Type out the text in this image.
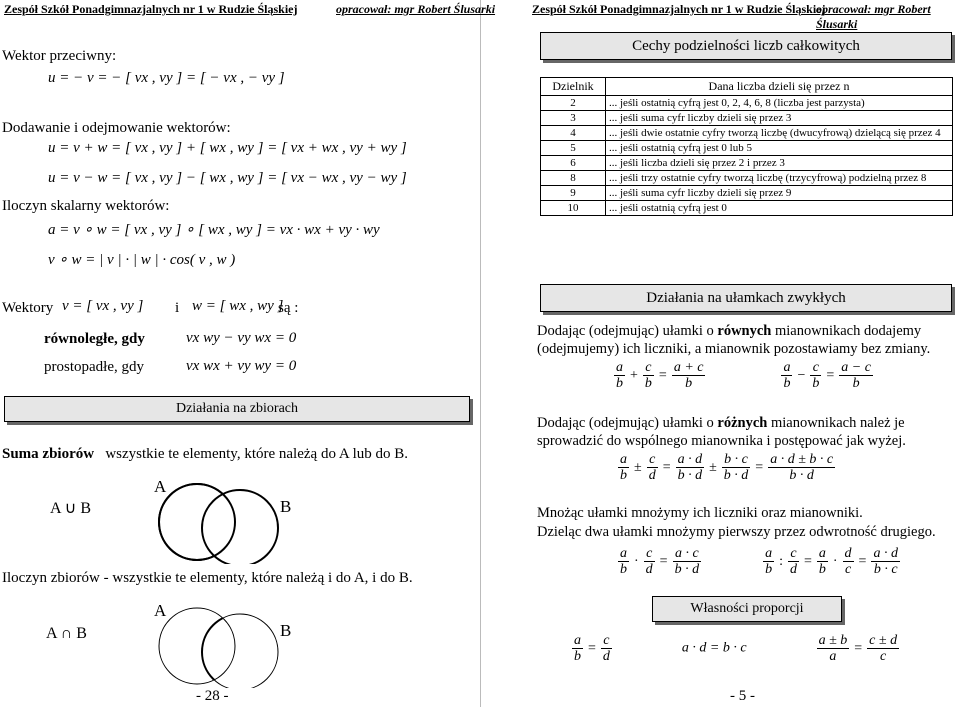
Zespół Szkół Ponadgimnazjalnych nr 1 w Rudzie Śląskiej	opracował: mgr Robert Ślusarki	Zespół Szkół Ponadgimnazjalnych nr 1 w Rudzie Śląskiej
opracował: mgr Robert Ślusarki
Wektor przeciwny:
u = − v = − [ vx , vy ] = [ − vx , − vy ]
Dodawanie i odejmowanie wektorów:
u = v + w = [ vx , vy ] + [ wx , wy ] = [ vx + wx , vy + wy ]
u = v − w = [ vx , vy ] − [ wx , wy ] = [ vx − wx , vy − wy ]
Iloczyn skalarny wektorów:
a = v ∘ w = [ vx , vy ] ∘ [ wx , wy ] = vx · wx + vy · wy
v ∘ w = | v | · | w | · cos( v , w )
Wektory v = [ vx , vy ] i w = [ wx , wy ]
są :
równoległe, gdy	vx wy − vy wx = 0
prostopadłe, gdy	vx wx + vy wy = 0
Działania na zbiorach
Suma zbiorów wszystkie te elementy, które należą do A lub do B.
A ∪ B
A
B
Iloczyn zbiorów - wszystkie te elementy, które należą i do A, i do B.
A ∩ B
A
B
- 28 -
Cechy podzielności liczb całkowitych
Dzielnik	Dana liczba dzieli się przez n
2	... jeśli ostatnią cyfrą jest 0, 2, 4, 6, 8 (liczba jest parzysta)
3	... jeśli suma cyfr liczby dzieli się przez 3
4	... jeśli dwie ostatnie cyfry tworzą liczbę (dwucyfrową) dzielącą się przez 4
5	... jeśli ostatnią cyfrą jest 0 lub 5
6	... jeśli liczba dzieli się przez 2 i przez 3
8	... jeśli trzy ostatnie cyfry tworzą liczbę (trzycyfrową) podzielną przez 8
9	... jeśli suma cyfr liczby dzieli się przez 9
10	... jeśli ostatnią cyfrą jest 0
Działania na ułamkach zwykłych
Dodając (odejmując) ułamki o równych mianownikach dodajemy
(odejmujemy) ich liczniki, a mianownik pozostawiamy bez zmiany.
$\frac{a}{b} + \frac{c}{b} = \frac{a + c}{b}$
	$\frac{a}{b} - \frac{c}{b} = \frac{a - c}{b}$
Dodając (odejmując) ułamki o różnych mianownikach należ je
sprowadzić do wspólnego mianownika i postępować jak wyżej.
$\frac{a}{b} \pm \frac{c}{d} = \frac{a \cdot d}{b \cdot d} \pm \frac{b \cdot c}{b \cdot d} = \frac{a \cdot d \pm b \cdot c}{b \cdot d}$
Mnożąc ułamki mnożymy ich liczniki oraz mianowniki.
Dzieląc dwa ułamki mnożymy pierwszy przez odwrotność drugiego.
$\frac{a}{b} \cdot \frac{c}{d} = \frac{a \cdot c}{b \cdot d}$
	$\frac{a}{b}$ : $\frac{c}{d} = \frac{a}{b} \cdot \frac{d}{c} = \frac{a \cdot d}{b \cdot c}$
Własności proporcji
$\frac{a}{b} = \frac{c}{d}$	a · d = b · c	$\frac{a \pm b}{a} = \frac{c \pm d}{c}$
- 5 -
